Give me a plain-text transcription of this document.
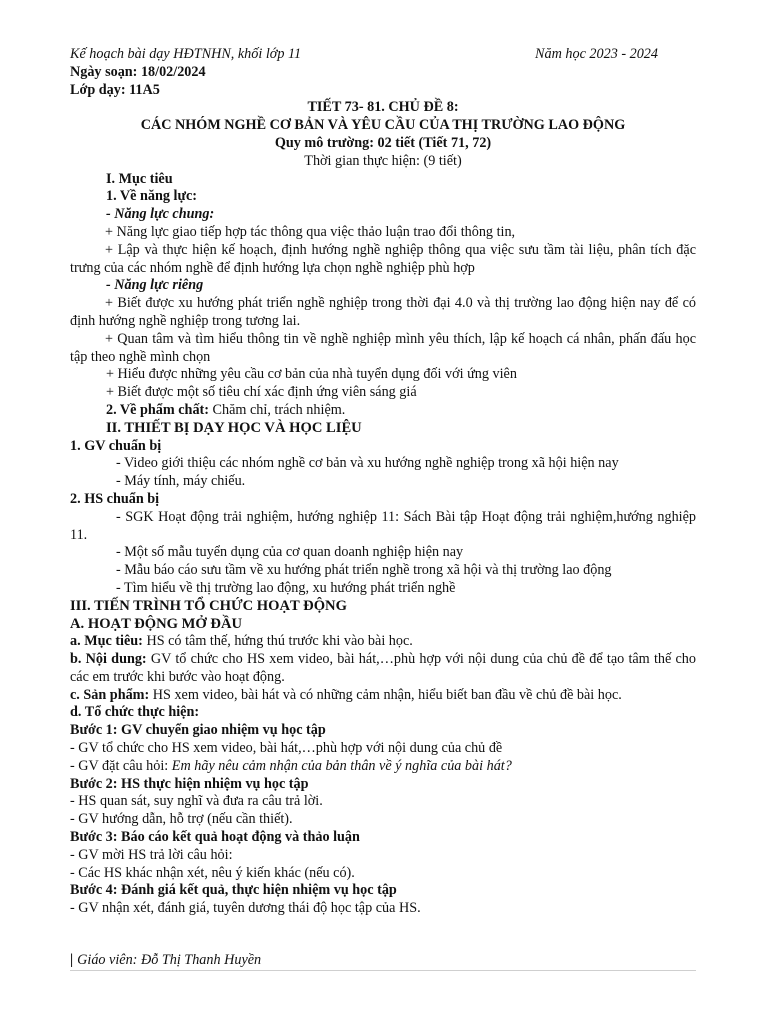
Kế hoạch bài dạy HĐTNHN, khối lớp 11	Năm học 2023 - 2024
Ngày soạn: 18/02/2024
Lớp dạy: 11A5
TIẾT 73- 81. CHỦ ĐỀ 8:
CÁC NHÓM NGHỀ CƠ BẢN VÀ YÊU CẦU CỦA THỊ TRƯỜNG LAO ĐỘNG
Quy mô trường: 02 tiết (Tiết 71, 72)
Thời gian thực hiện: (9 tiết)
I. Mục tiêu
1. Về năng lực:
- Năng lực chung:
+ Năng lực giao tiếp hợp tác thông qua việc thảo luận trao đổi thông tin,
+ Lập và thực hiện kế hoạch, định hướng nghề nghiệp thông qua việc sưu tầm tài liệu, phân tích đặc trưng của các nhóm nghề để định hướng lựa chọn nghề nghiệp phù hợp
- Năng lực riêng
+ Biết được xu hướng phát triển nghề nghiệp trong thời đại 4.0 và thị trường lao động hiện nay để có định hướng nghề nghiệp trong tương lai.
+ Quan tâm và tìm hiểu thông tin về nghề nghiệp mình yêu thích, lập kế hoạch cá nhân, phấn đấu học tập theo nghề mình chọn
+ Hiểu được những yêu cầu cơ bản của nhà tuyển dụng đối với ứng viên
+ Biết được một số tiêu chí xác định ứng viên sáng giá
2. Về phẩm chất: Chăm chỉ, trách nhiệm.
II. THIẾT BỊ DẠY HỌC VÀ HỌC LIỆU
1. GV chuẩn bị
- Video giới thiệu các nhóm nghề cơ bản và xu hướng nghề nghiệp trong xã hội hiện nay
- Máy tính, máy chiếu.
2. HS chuẩn bị
- SGK Hoạt động trải nghiệm, hướng nghiệp 11: Sách Bài tập Hoạt động trải nghiệm,hướng nghiệp 11.
- Một số mẫu tuyển dụng của cơ quan doanh nghiệp hiện nay
- Mẫu báo cáo sưu tầm về xu hướng phát triển nghề trong xã hội và thị trường lao động
- Tìm hiểu về thị trường lao động, xu hướng phát triển nghề
III. TIẾN TRÌNH TỔ CHỨC HOẠT ĐỘNG
A. HOẠT ĐỘNG MỞ ĐẦU
a. Mục tiêu: HS có tâm thế, hứng thú trước khi vào bài học.
b. Nội dung: GV tổ chức cho HS xem video, bài hát,…phù hợp với nội dung của chủ đề để tạo tâm thế cho các em trước khi bước vào hoạt động.
c. Sản phẩm: HS xem video, bài hát và có những cảm nhận, hiểu biết ban đầu về chủ đề bài học.
d. Tổ chức thực hiện:
Bước 1: GV chuyển giao nhiệm vụ học tập
- GV tổ chức cho HS xem video, bài hát,…phù hợp với nội dung của chủ đề
- GV đặt câu hỏi: Em hãy nêu cảm nhận của bản thân về ý nghĩa của bài hát?
Bước 2: HS thực hiện nhiệm vụ học tập
- HS quan sát, suy nghĩ và đưa ra câu trả lời.
- GV hướng dẫn, hỗ trợ (nếu cần thiết).
Bước 3: Báo cáo kết quả hoạt động và thảo luận
- GV mời HS trả lời câu hỏi:
- Các HS khác nhận xét, nêu ý kiến khác (nếu có).
Bước 4: Đánh giá kết quả, thực hiện nhiệm vụ học tập
- GV nhận xét, đánh giá, tuyên dương thái độ học tập của HS.
| Giáo viên: Đỗ Thị Thanh Huyền
